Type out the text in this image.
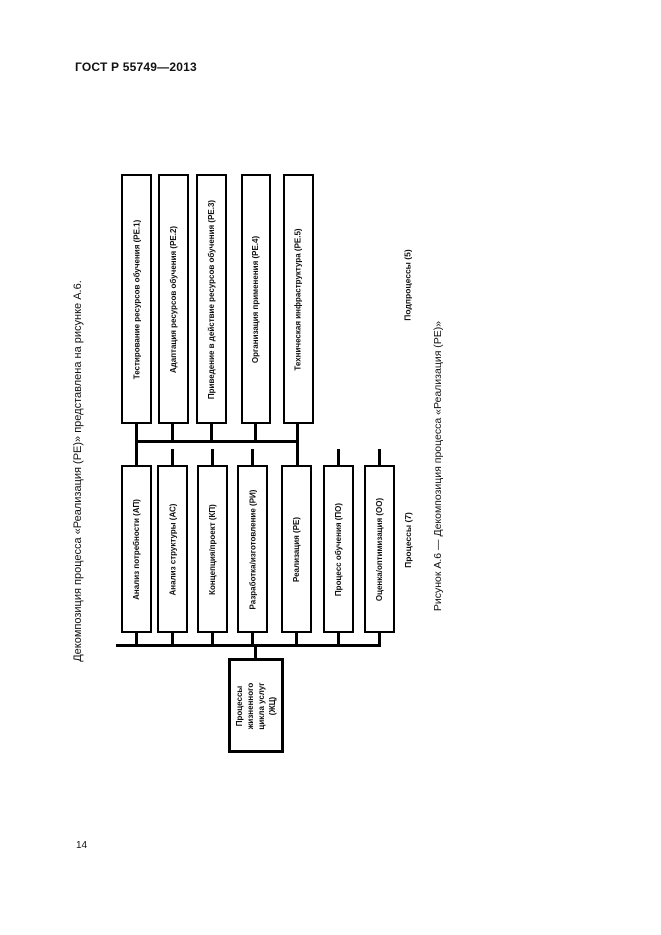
ГОСТ Р 55749—2013
Декомпозиция процесса «Реализация (РЕ)» представлена на рисунке А.6.	Тестирование ресурсов обучения (РЕ.1)	Адаптация ресурсов обучения (РЕ.2)	Приведение в действие ресурсов обучения (РЕ.3)	Организация применения (РЕ.4)	Техническая инфраструктура (РЕ.5)
Анализ потребности (АП)	Анализ структуры (АС)	Концепция/проект (КП)	Разработка/изготовление (РИ)	Реализация (РЕ)	Процесс обучения (ПО)	Оценка/оптимизация (ОО)
Процессы жизненного цикла услуг (ЖЦ)
Подпроцессы (5)
Процессы (7) Рисунок А.6 — Декомпозиция процесса «Реализация (РЕ)»
14
